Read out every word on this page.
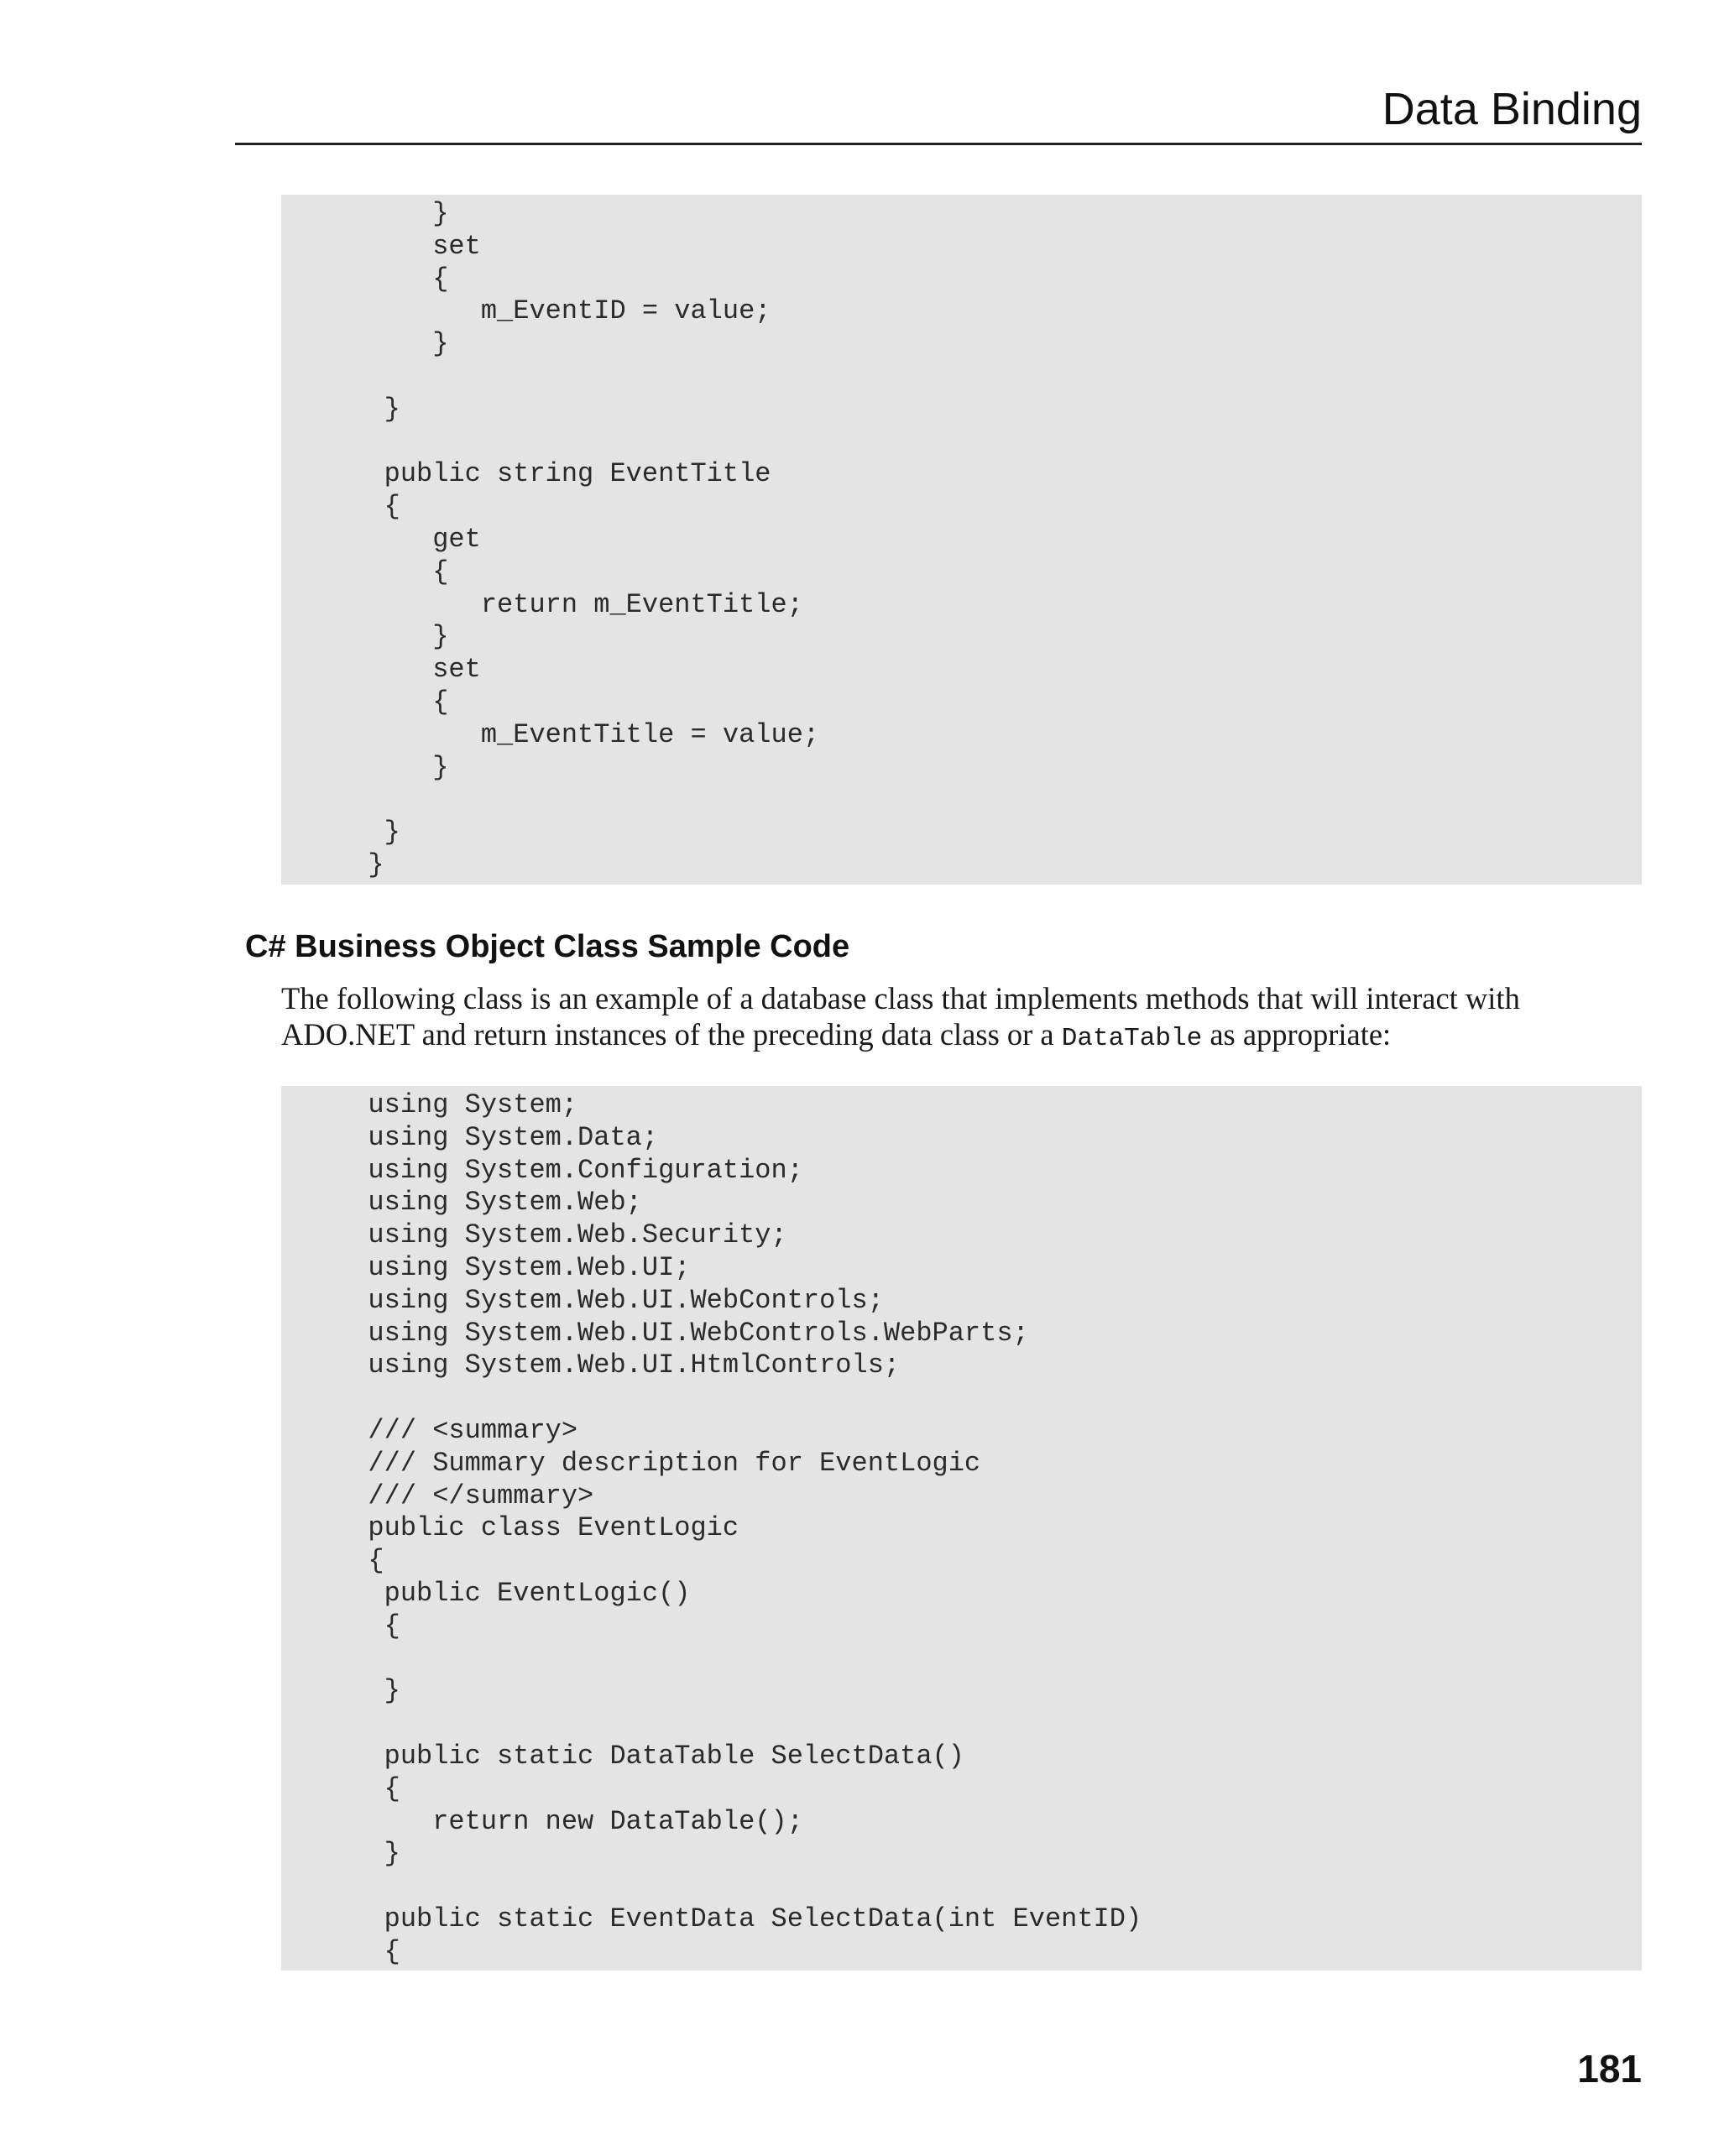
Data Binding
}
set
{
m_EventID = value;
}

}

public string EventTitle
{
get
{
return m_EventTitle;
}
set
{
m_EventTitle = value;
}

}
}
C# Business Object Class Sample Code

The following class is an example of a database class that implements methods that will interact with ADO.NET and return instances of the preceding data class or a DataTable as appropriate:

using System;
using System.Data;
using System.Configuration;
using System.Web;
using System.Web.Security;
using System.Web.UI;
using System.Web.UI.WebControls;
using System.Web.UI.WebControls.WebParts;
using System.Web.UI.HtmlControls;

/// <summary>
/// Summary description for EventLogic
/// </summary>
public class EventLogic
{
public EventLogic()
{

}

public static DataTable SelectData()
{
return new DataTable();
}

public static EventData SelectData(int EventID)
{
181
